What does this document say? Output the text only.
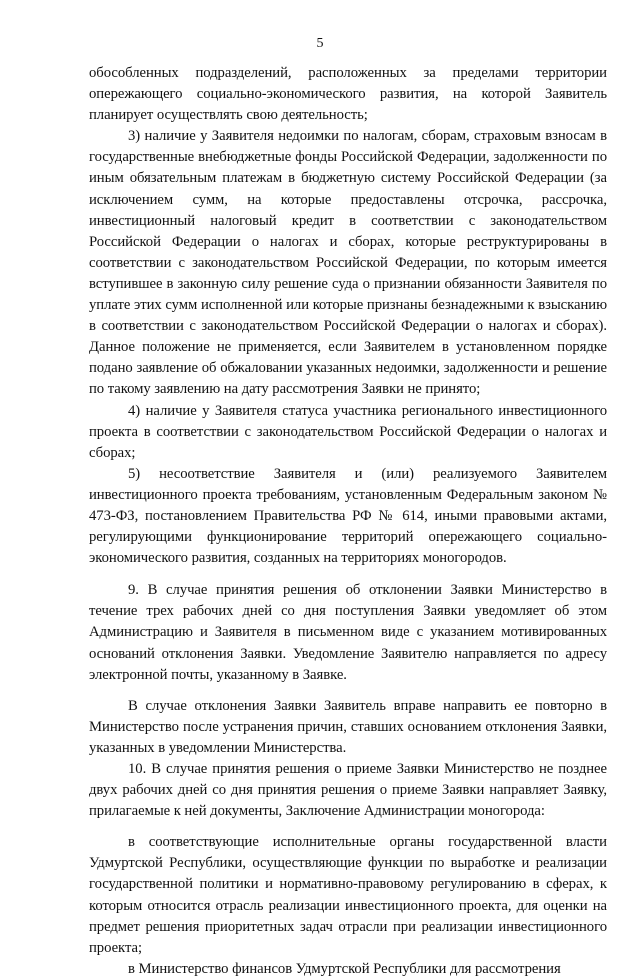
5

обособленных подразделений, расположенных за пределами территории опережающего социально-экономического развития, на которой Заявитель планирует осуществлять свою деятельность;

3) наличие у Заявителя недоимки по налогам, сборам, страховым взносам в государственные внебюджетные фонды Российской Федерации, задолженности по иным обязательным платежам в бюджетную систему Российской Федерации (за исключением сумм, на которые предоставлены отсрочка, рассрочка, инвестиционный налоговый кредит в соответствии с законодательством Российской Федерации о налогах и сборах, которые реструктурированы в соответствии с законодательством Российской Федерации, по которым имеется вступившее в законную силу решение суда о признании обязанности Заявителя по уплате этих сумм исполненной или которые признаны безнадежными к взысканию в соответствии с законодательством Российской Федерации о налогах и сборах). Данное положение не применяется, если Заявителем в установленном порядке подано заявление об обжаловании указанных недоимки, задолженности и решение по такому заявлению на дату рассмотрения Заявки не принято;

4) наличие у Заявителя статуса участника регионального инвестиционного проекта в соответствии с законодательством Российской Федерации о налогах и сборах;

5) несоответствие Заявителя и (или) реализуемого Заявителем инвестиционного проекта требованиям, установленным Федеральным законом № 473-ФЗ, постановлением Правительства РФ № 614, иными правовыми актами, регулирующими функционирование территорий опережающего социально-экономического развития, созданных на территориях моногородов.

9. В случае принятия решения об отклонении Заявки Министерство в течение трех рабочих дней со дня поступления Заявки уведомляет об этом Администрацию и Заявителя в письменном виде с указанием мотивированных оснований отклонения Заявки. Уведомление Заявителю направляется по адресу электронной почты, указанному в Заявке.

В случае отклонения Заявки Заявитель вправе направить ее повторно в Министерство после устранения причин, ставших основанием отклонения Заявки, указанных в уведомлении Министерства.

10. В случае принятия решения о приеме Заявки Министерство не позднее двух рабочих дней со дня принятия решения о приеме Заявки направляет Заявку, прилагаемые к ней документы, Заключение Администрации моногорода:

в соответствующие исполнительные органы государственной власти Удмуртской Республики, осуществляющие функции по выработке и реализации государственной политики и нормативно-правовому регулированию в сферах, к которым относится отрасль реализации инвестиционного проекта, для оценки на предмет решения приоритетных задач отрасли при реализации инвестиционного проекта;

в Министерство финансов Удмуртской Республики для рассмотрения
